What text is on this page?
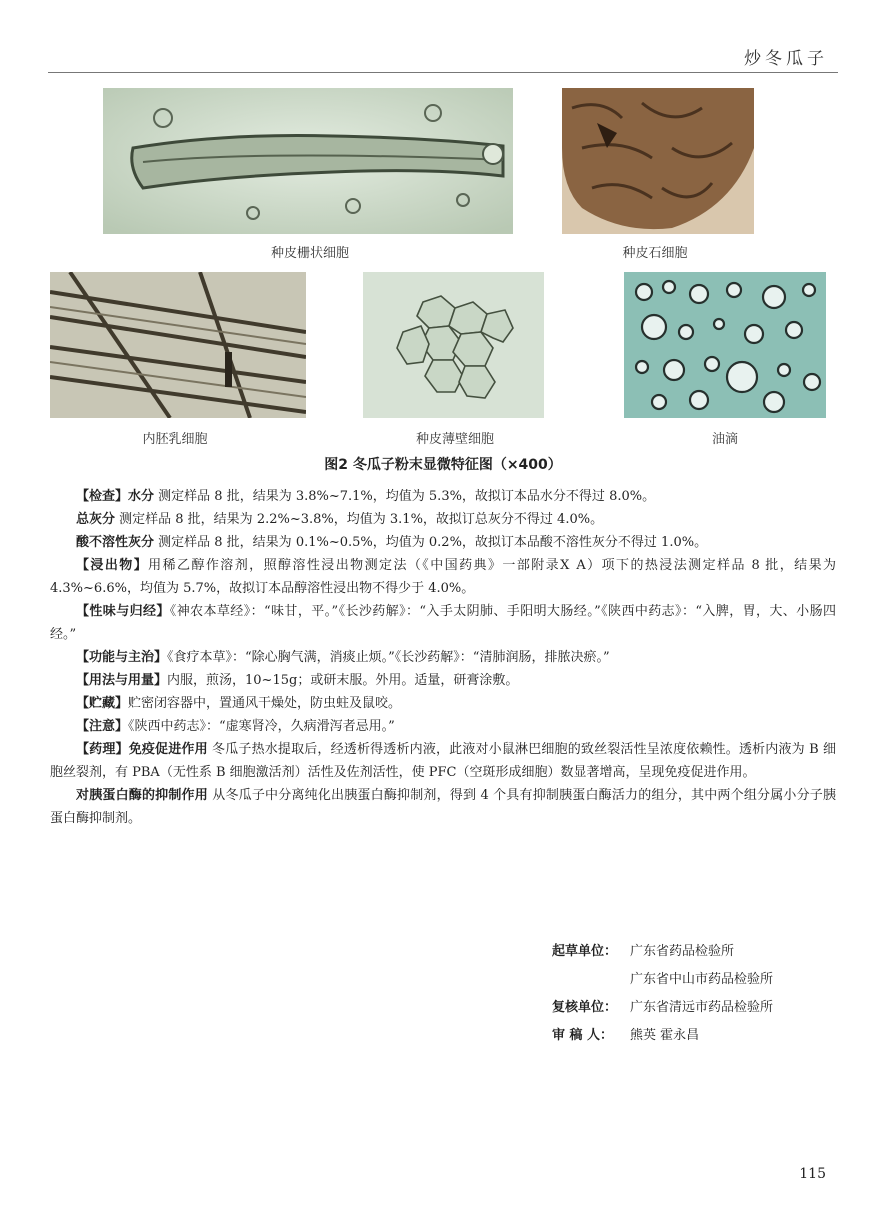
炒冬瓜子
种皮栅状细胞	种皮石细胞
内胚乳细胞	种皮薄壁细胞	油滴
图2 冬瓜子粉末显微特征图（×400）

【检查】水分 测定样品 8 批，结果为 3.8%~7.1%，均值为 5.3%，故拟订本品水分不得过 8.0%。

总灰分 测定样品 8 批，结果为 2.2%~3.8%，均值为 3.1%，故拟订总灰分不得过 4.0%。

酸不溶性灰分 测定样品 8 批，结果为 0.1%~0.5%，均值为 0.2%，故拟订本品酸不溶性灰分不得过 1.0%。

【浸出物】用稀乙醇作溶剂，照醇溶性浸出物测定法（《中国药典》一部附录Ⅹ A）项下的热浸法测定样品 8 批，结果为 4.3%~6.6%，均值为 5.7%，故拟订本品醇溶性浸出物不得少于 4.0%。

【性味与归经】《神农本草经》：“味甘，平。”《长沙药解》：“入手太阴肺、手阳明大肠经。”《陕西中药志》：“入脾，胃，大、小肠四经。”

【功能与主治】《食疗本草》：“除心胸气满，消痰止烦。”《长沙药解》：“清肺润肠，排脓决瘀。”

【用法与用量】内服，煎汤，10~15g；或研末服。外用。适量，研膏涂敷。

【贮藏】贮密闭容器中，置通风干燥处，防虫蛀及鼠咬。

【注意】《陕西中药志》：“虚寒肾冷，久病滑泻者忌用。”

【药理】免疫促进作用 冬瓜子热水提取后，经透析得透析内液，此液对小鼠淋巴细胞的致丝裂活性呈浓度依赖性。透析内液为 B 细胞丝裂剂，有 PBA（无性系 B 细胞激活剂）活性及佐剂活性，使 PFC（空斑形成细胞）数显著增高，呈现免疫促进作用。

对胰蛋白酶的抑制作用 从冬瓜子中分离纯化出胰蛋白酶抑制剂，得到 4 个具有抑制胰蛋白酶活力的组分，其中两个组分属小分子胰蛋白酶抑制剂。

起草单位： 广东省药品检验所
广东省中山市药品检验所
复核单位： 广东省清远市药品检验所
审 稿 人：	熊英 霍永昌
115
